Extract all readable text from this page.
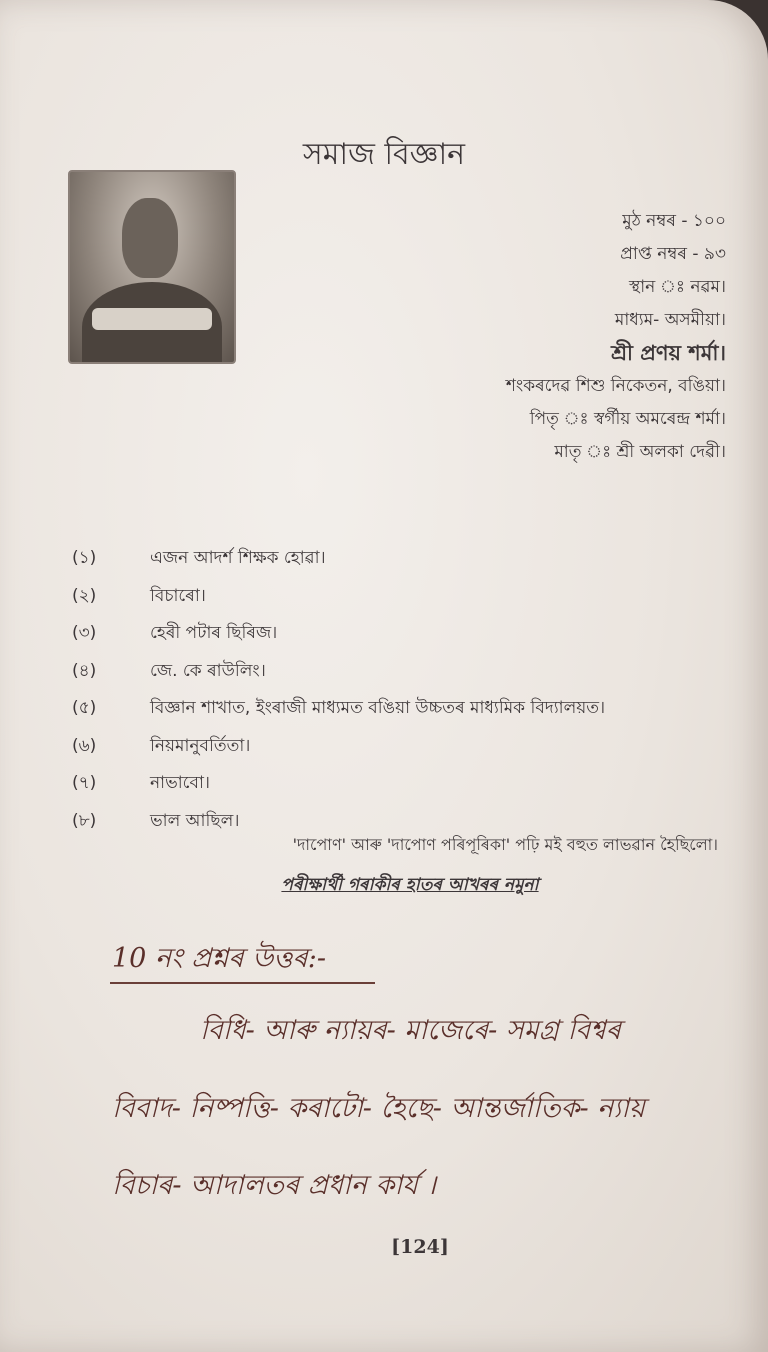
সমাজ বিজ্ঞান
মুঠ নম্বৰ - ১০০
প্ৰাপ্ত নম্বৰ - ৯৩
স্থান ঃ নৱম।
মাধ্যম- অসমীয়া।
শ্ৰী প্ৰণয় শৰ্মা।
শংকৰদেৱ শিশু নিকেতন, বঙিয়া।
পিতৃ ঃ স্বৰ্গীয় অমৰেন্দ্ৰ শৰ্মা।
মাতৃ ঃ শ্ৰী অলকা দেৱী।
(১)	এজন আদৰ্শ শিক্ষক হোৱা।
(২)	বিচাৰো।
(৩)	হেৰী পটাৰ ছিৰিজ।
(৪)	জে. কে ৰাউলিং।
(৫)	বিজ্ঞান শাখাত, ইংৰাজী মাধ্যমত বঙিয়া উচ্চতৰ মাধ্যমিক বিদ্যালয়ত।
(৬)	নিয়মানুবৰ্তিতা।
(৭)	নাভাবো।
(৮)	ভাল আছিল।
'দাপোণ' আৰু 'দাপোণ পৰিপূৰিকা' পঢ়ি মই বহুত লাভৱান হৈছিলো।
পৰীক্ষাৰ্থী গৰাকীৰ হাতৰ আখৰৰ নমুনা
10 নং প্ৰশ্নৰ উত্তৰ:-
বিধি- আৰু ন্যায়ৰ- মাজেৰে- সমগ্ৰ বিশ্বৰ
বিবাদ- নিষ্পত্তি- কৰাটো- হৈছে- আন্তৰ্জাতিক- ন্যায়
বিচাৰ- আদালতৰ প্ৰধান কাৰ্য ।
[124]
